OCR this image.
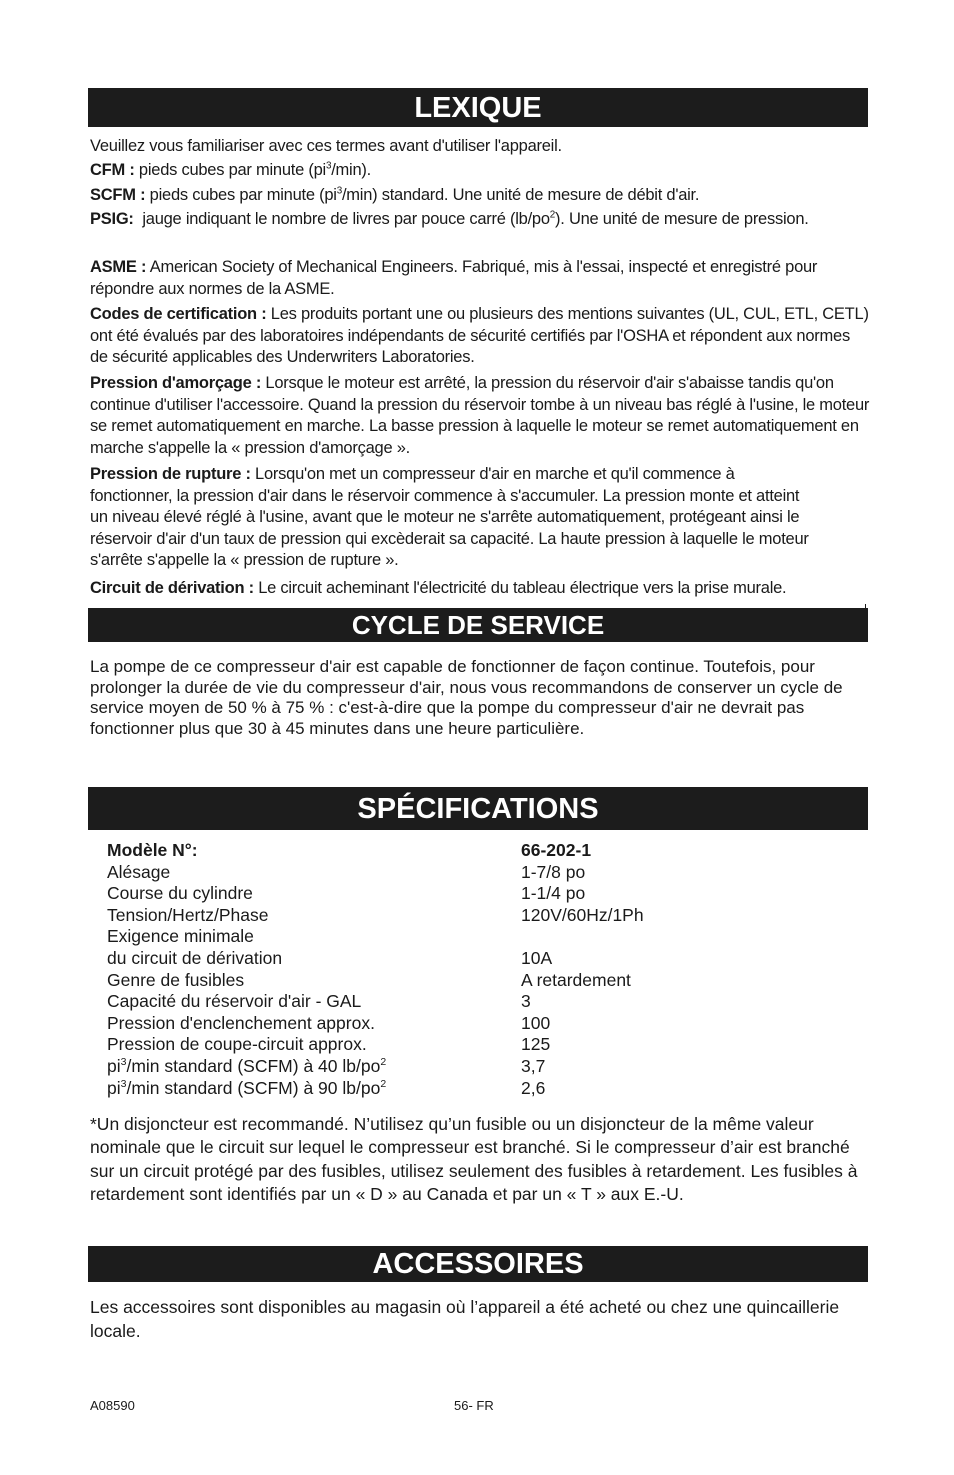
LEXIQUE

Veuillez vous familiariser avec ces termes avant d'utiliser l'appareil.

CFM : pieds cubes par minute $(pi^3/\min)$.

SCFM : pieds cubes par minute $(pi^3/\min)$ standard. Une unité de mesure de débit d'air.

PSIG: jauge indiquant le nombre de livres par pouce carré $(lb/po^2)$. Une unité de mesure de pression.

ASME : American Society of Mechanical Engineers. Fabriqué, mis à l'essai, inspecté et enregistré pour répondre aux normes de la ASME.

Codes de certification : Les produits portant une ou plusieurs des mentions suivantes (UL, CUL, ETL, CETL) ont été évalués par des laboratoires indépendants de sécurité certifiés par l'OSHA et répondent aux normes de sécurité applicables des Underwriters Laboratories.

Pression d'amorçage : Lorsque le moteur est arrêté, la pression du réservoir d'air s'abaisse tandis qu'on continue d'utiliser l'accessoire. Quand la pression du réservoir tombe à un niveau bas réglé à l'usine, le moteur se remet automatiquement en marche. La basse pression à laquelle le moteur se remet automatiquement en marche s'appelle la « pression d'amorçage ».

Pression de rupture : Lorsqu'on met un compresseur d'air en marche et qu'il commence à fonctionner, la pression d'air dans le réservoir commence à s'accumuler. La pression monte et atteint un niveau élevé réglé à l'usine, avant que le moteur ne s'arrête automatiquement, protégeant ainsi le réservoir d'air d'un taux de pression qui excèderait sa capacité. La haute pression à laquelle le moteur s'arrête s'appelle la « pression de rupture ».

Circuit de dérivation : Le circuit acheminant l'électricité du tableau électrique vers la prise murale.

CYCLE DE SERVICE

La pompe de ce compresseur d'air est capable de fonctionner de façon continue. Toutefois, pour prolonger la durée de vie du compresseur d'air, nous vous recommandons de conserver un cycle de service moyen de 50 % à 75 % : c'est-à-dire que la pompe du compresseur d'air ne devrait pas fonctionner plus que 30 à 45 minutes dans une heure particulière.

SPÉCIFICATIONS
Modèle N°:	66-202-1
Alésage	1-7/8 po
Course du cylindre	1-1/4 po
Tension/Hertz/Phase	120V/60Hz/1Ph
Exigence minimale
du circuit de dérivation	10A
Genre de fusibles	A retardement
Capacité du réservoir d'air - GAL	3
Pression d'enclenchement approx.	100
Pression de coupe-circuit approx.	125
$pi^3/\min$ standard (SCFM) à 40 $lb/po^2$	3,7
$pi^3/\min$ standard (SCFM) à 90 $lb/po^2$	2,6

*Un disjoncteur est recommandé. N’utilisez qu’un fusible ou un disjoncteur de la même valeur nominale que le circuit sur lequel le compresseur est branché. Si le compresseur d’air est branché sur un circuit protégé par des fusibles, utilisez seulement des fusibles à retardement. Les fusibles à retardement sont identifiés par un « D » au Canada et par un « T » aux E.-U.

ACCESSOIRES

Les accessoires sont disponibles au magasin où l’appareil a été acheté ou chez une quincaillerie locale.

A08590	56- FR
